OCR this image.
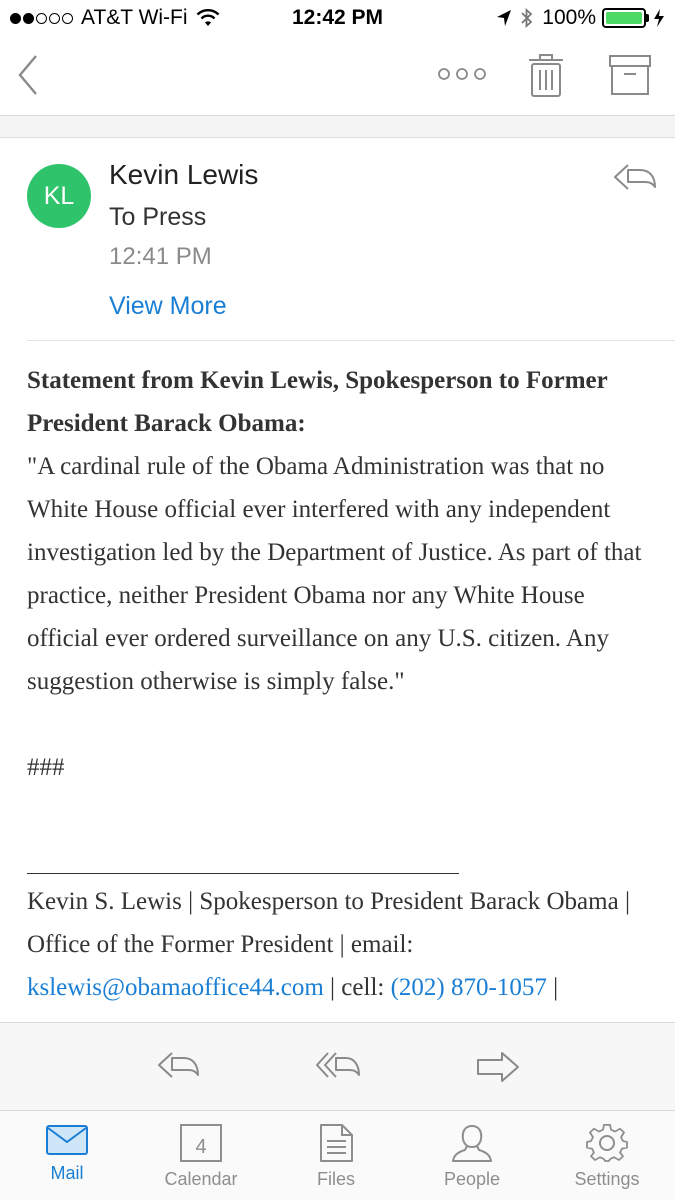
AT&T Wi-Fi	12:42 PM	100%
KL
Kevin Lewis
To Press
12:41 PM
View More
Statement from Kevin Lewis, Spokesperson to Former President Barack Obama:
"A cardinal rule of the Obama Administration was that no White House official ever interfered with any independent investigation led by the Department of Justice. As part of that practice, neither President Obama nor any White House official ever ordered surveillance on any U.S. citizen. Any suggestion otherwise is simply false."
###
Kevin S. Lewis | Spokesperson to President Barack Obama | Office of the Former President | email:
kslewis@obamaoffice44.com | cell: (202) 870-1057 |
Mail
4
Calendar	Files	People	Settings
